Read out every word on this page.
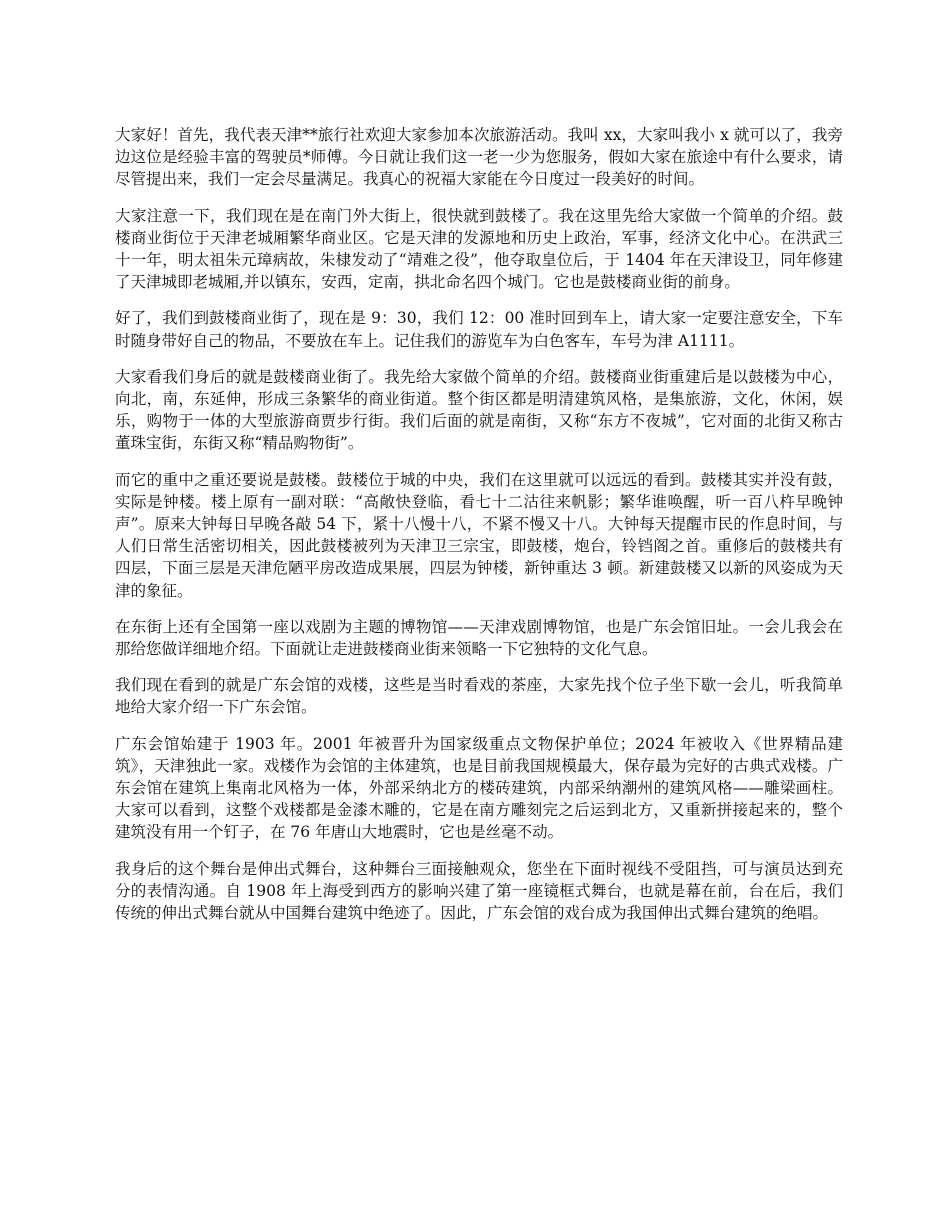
大家好！首先，我代表天津**旅行社欢迎大家参加本次旅游活动。我叫 xx，大家叫我小 x 就可以了，我旁边这位是经验丰富的驾驶员*师傅。今日就让我们这一老一少为您服务，假如大家在旅途中有什么要求，请尽管提出来，我们一定会尽量满足。我真心的祝福大家能在今日度过一段美好的时间。

大家注意一下，我们现在是在南门外大街上，很快就到鼓楼了。我在这里先给大家做一个简单的介绍。鼓楼商业街位于天津老城厢繁华商业区。它是天津的发源地和历史上政治，军事，经济文化中心。在洪武三十一年，明太祖朱元璋病故，朱棣发动了“靖难之役”，他夺取皇位后，于 1404 年在天津设卫，同年修建了天津城即老城厢,并以镇东，安西，定南，拱北命名四个城门。它也是鼓楼商业街的前身。

好了，我们到鼓楼商业街了，现在是 9：30，我们 12：00 准时回到车上，请大家一定要注意安全，下车时随身带好自己的物品，不要放在车上。记住我们的游览车为白色客车，车号为津 A1111。

大家看我们身后的就是鼓楼商业街了。我先给大家做个简单的介绍。鼓楼商业街重建后是以鼓楼为中心，向北，南，东延伸，形成三条繁华的商业街道。整个街区都是明清建筑风格，是集旅游，文化，休闲，娱乐，购物于一体的大型旅游商贾步行街。我们后面的就是南街，又称“东方不夜城”，它对面的北街又称古董珠宝街，东街又称“精品购物街”。

而它的重中之重还要说是鼓楼。鼓楼位于城的中央，我们在这里就可以远远的看到。鼓楼其实并没有鼓，实际是钟楼。楼上原有一副对联：“高敞快登临，看七十二沽往来帆影；繁华谁唤醒，听一百八杵早晚钟声”。原来大钟每日早晚各敲 54 下，紧十八慢十八，不紧不慢又十八。大钟每天提醒市民的作息时间，与人们日常生活密切相关，因此鼓楼被列为天津卫三宗宝，即鼓楼，炮台，铃铛阁之首。重修后的鼓楼共有四层，下面三层是天津危陋平房改造成果展，四层为钟楼，新钟重达 3 顿。新建鼓楼又以新的风姿成为天津的象征。

在东街上还有全国第一座以戏剧为主题的博物馆——天津戏剧博物馆，也是广东会馆旧址。一会儿我会在那给您做详细地介绍。下面就让走进鼓楼商业街来领略一下它独特的文化气息。

我们现在看到的就是广东会馆的戏楼，这些是当时看戏的茶座，大家先找个位子坐下歇一会儿，听我简单地给大家介绍一下广东会馆。

广东会馆始建于 1903 年。2001 年被晋升为国家级重点文物保护单位；2024 年被收入《世界精品建筑》，天津独此一家。戏楼作为会馆的主体建筑，也是目前我国规模最大，保存最为完好的古典式戏楼。广东会馆在建筑上集南北风格为一体，外部采纳北方的楼砖建筑，内部采纳潮州的建筑风格——雕梁画柱。大家可以看到，这整个戏楼都是金漆木雕的，它是在南方雕刻完之后运到北方，又重新拼接起来的，整个建筑没有用一个钉子，在 76 年唐山大地震时，它也是丝毫不动。

我身后的这个舞台是伸出式舞台，这种舞台三面接触观众，您坐在下面时视线不受阻挡，可与演员达到充分的表情沟通。自 1908 年上海受到西方的影响兴建了第一座镜框式舞台，也就是幕在前，台在后，我们传统的伸出式舞台就从中国舞台建筑中绝迹了。因此，广东会馆的戏台成为我国伸出式舞台建筑的绝唱。
